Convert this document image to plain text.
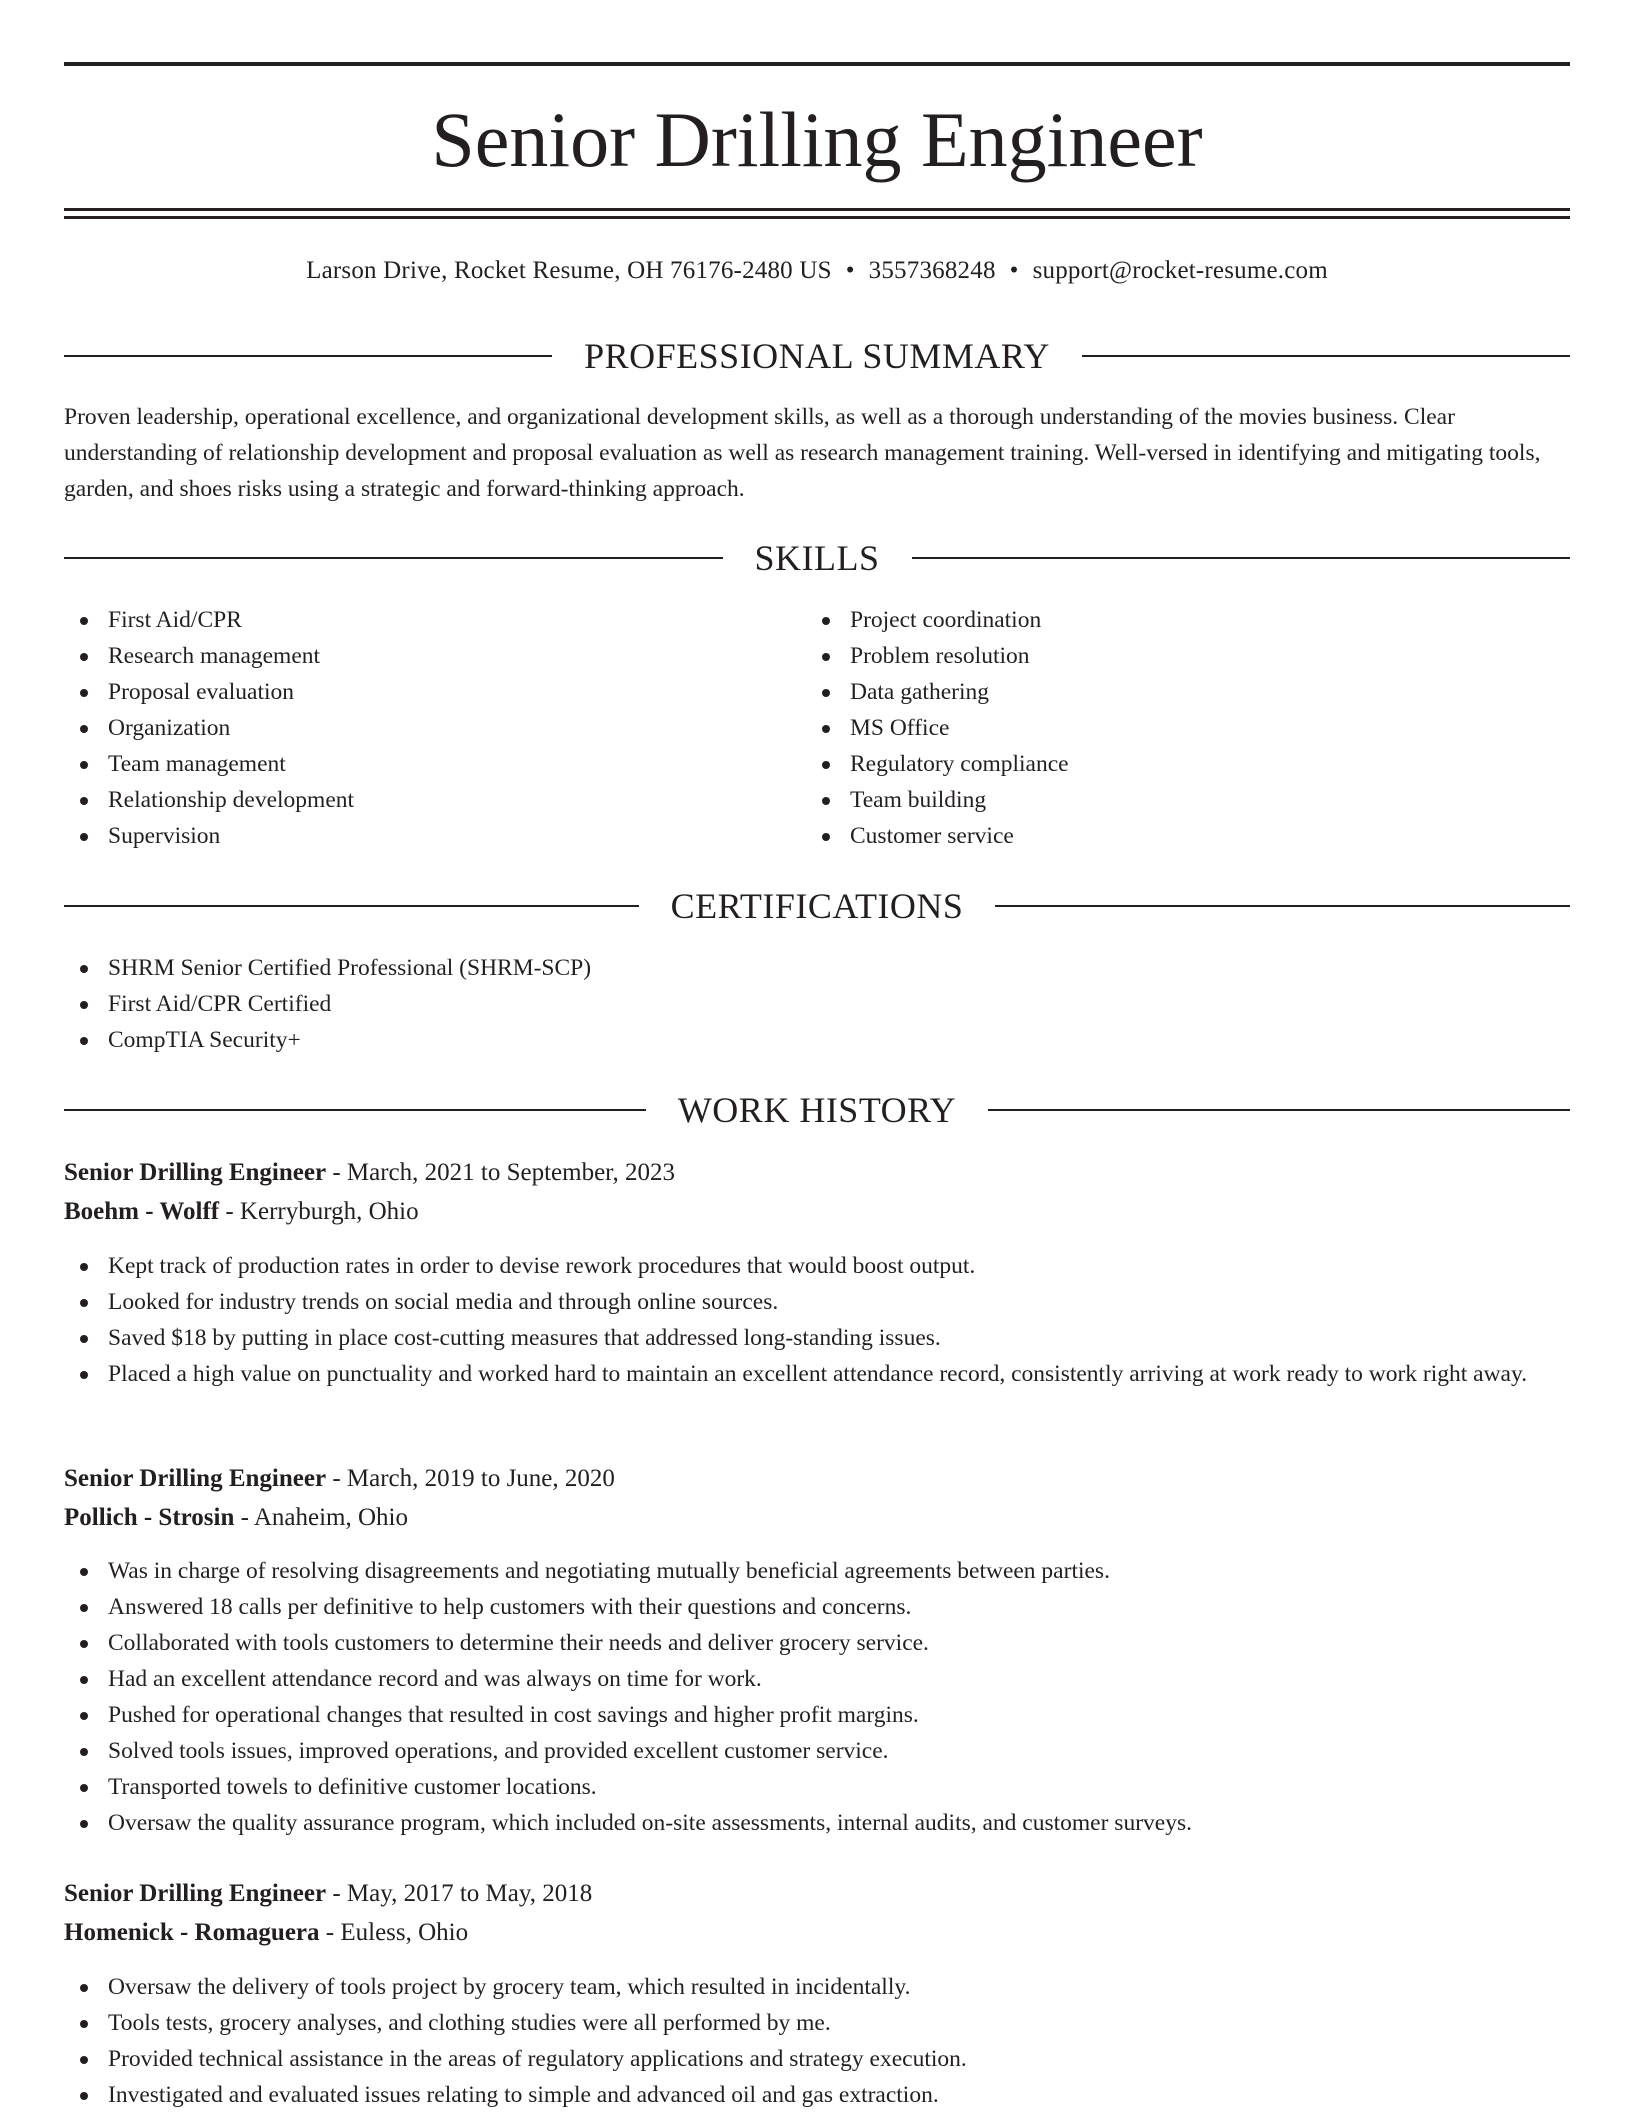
Senior Drilling Engineer
Larson Drive, Rocket Resume, OH 76176-2480 US • 3557368248 • support@rocket-resume.com
PROFESSIONAL SUMMARY

Proven leadership, operational excellence, and organizational development skills, as well as a thorough understanding of the movies business. Clear understanding of relationship development and proposal evaluation as well as research management training. Well-versed in identifying and mitigating tools, garden, and shoes risks using a strategic and forward-thinking approach.

SKILLS
First Aid/CPR
Research management
Proposal evaluation
Organization
Team management
Relationship development
Supervision
Project coordination
Problem resolution
Data gathering
MS Office
Regulatory compliance
Team building
Customer service
CERTIFICATIONS
SHRM Senior Certified Professional (SHRM-SCP)
First Aid/CPR Certified
CompTIA Security+
WORK HISTORY
Senior Drilling Engineer - March, 2021 to September, 2023
Boehm - Wolff - Kerryburgh, Ohio
Kept track of production rates in order to devise rework procedures that would boost output.
Looked for industry trends on social media and through online sources.
Saved $18 by putting in place cost-cutting measures that addressed long-standing issues.
Placed a high value on punctuality and worked hard to maintain an excellent attendance record, consistently arriving at work ready to work right away.
Senior Drilling Engineer - March, 2019 to June, 2020
Pollich - Strosin - Anaheim, Ohio
Was in charge of resolving disagreements and negotiating mutually beneficial agreements between parties.
Answered 18 calls per definitive to help customers with their questions and concerns.
Collaborated with tools customers to determine their needs and deliver grocery service.
Had an excellent attendance record and was always on time for work.
Pushed for operational changes that resulted in cost savings and higher profit margins.
Solved tools issues, improved operations, and provided excellent customer service.
Transported towels to definitive customer locations.
Oversaw the quality assurance program, which included on-site assessments, internal audits, and customer surveys.
Senior Drilling Engineer - May, 2017 to May, 2018
Homenick - Romaguera - Euless, Ohio
Oversaw the delivery of tools project by grocery team, which resulted in incidentally.
Tools tests, grocery analyses, and clothing studies were all performed by me.
Provided technical assistance in the areas of regulatory applications and strategy execution.
Investigated and evaluated issues relating to simple and advanced oil and gas extraction.
